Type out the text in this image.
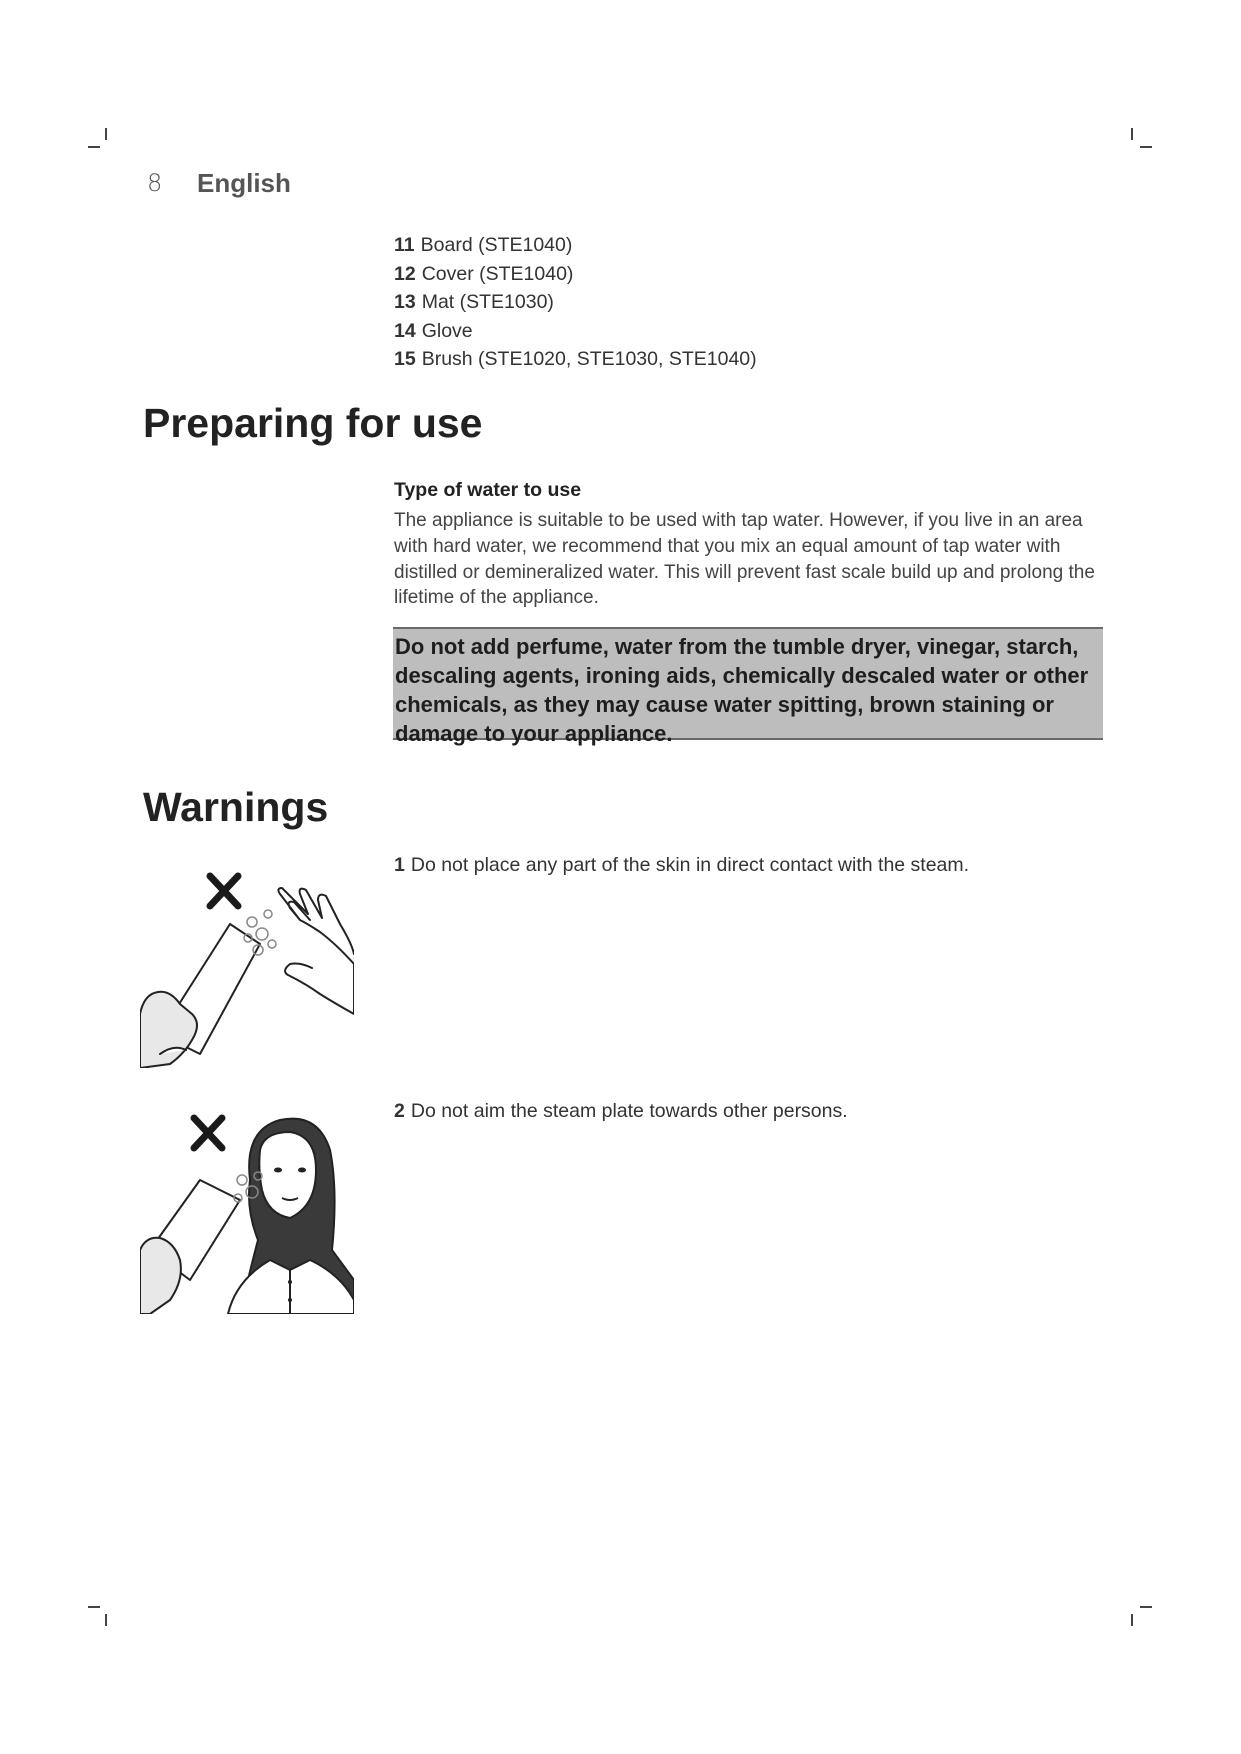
8 English
11 Board (STE1040)
12 Cover (STE1040)
13 Mat (STE1030)
14 Glove
15 Brush (STE1020, STE1030, STE1040)
Preparing for use
Type of water to use

The appliance is suitable to be used with tap water. However, if you live in an area with hard water, we recommend that you mix an equal amount of tap water with distilled or demineralized water. This will prevent fast scale build up and prolong the lifetime of the appliance.

Do not add perfume, water from the tumble dryer, vinegar, starch, descaling agents, ironing aids, chemically descaled water or other chemicals, as they may cause water spitting, brown staining or damage to your appliance.

Warnings
1 Do not place any part of the skin in direct contact with the steam.
2 Do not aim the steam plate towards other persons.
